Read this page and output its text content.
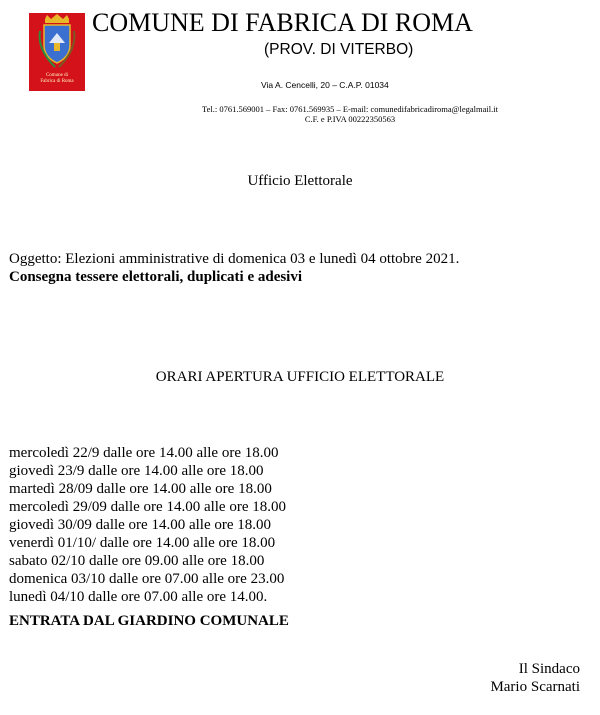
Comune di
Fabrica di Roma
COMUNE DI FABRICA DI ROMA
(PROV. DI VITERBO)
Via A. Cencelli, 20 – C.A.P. 01034
Tel.: 0761.569001 – Fax: 0761.569935 – E-mail: comunedifabricadiroma@legalmail.it
C.F. e P.IVA 00222350563
Ufficio Elettorale
Oggetto: Elezioni amministrative di domenica 03 e lunedì 04 ottobre 2021.
Consegna tessere elettorali, duplicati e adesivi
ORARI APERTURA UFFICIO ELETTORALE
mercoledì 22/9 dalle ore 14.00 alle ore 18.00
giovedì 23/9 dalle ore 14.00 alle ore 18.00
martedì 28/09 dalle ore 14.00 alle ore 18.00
mercoledì 29/09 dalle ore 14.00 alle ore 18.00
giovedì 30/09 dalle ore 14.00 alle ore 18.00
venerdì 01/10/ dalle ore 14.00 alle ore 18.00
sabato 02/10 dalle ore 09.00 alle ore 18.00
domenica 03/10 dalle ore 07.00 alle ore 23.00
lunedì 04/10 dalle ore 07.00 alle ore 14.00.
ENTRATA DAL GIARDINO COMUNALE
Il Sindaco
Mario Scarnati
